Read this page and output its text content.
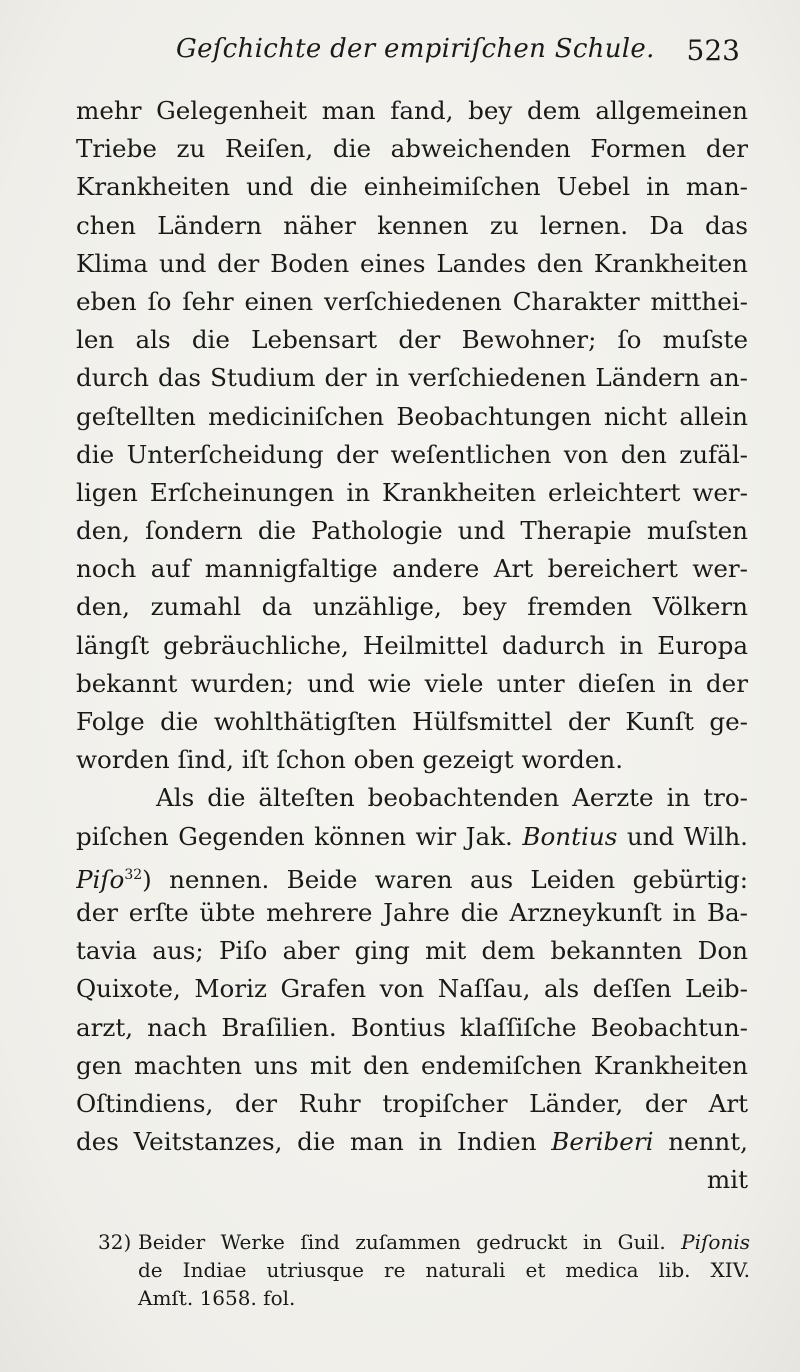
Geſchichte der empiriſchen Schule. 523
mehr Gelegenheit man fand, bey dem allgemeinen
Triebe zu Reiſen, die abweichenden Formen der
Krankheiten und die einheimiſchen Uebel in man-
chen Ländern näher kennen zu lernen. Da das
Klima und der Boden eines Landes den Krankheiten
eben ſo ſehr einen verſchiedenen Charakter mitthei-
len als die Lebensart der Bewohner; ſo muſste
durch das Studium der in verſchiedenen Ländern an-
geſtellten mediciniſchen Beobachtungen nicht allein
die Unterſcheidung der weſentlichen von den zufäl-
ligen Erſcheinungen in Krankheiten erleichtert wer-
den, ſondern die Pathologie und Therapie muſsten
noch auf mannigfaltige andere Art bereichert wer-
den, zumahl da unzählige, bey fremden Völkern
längſt gebräuchliche, Heilmittel dadurch in Europa
bekannt wurden; und wie viele unter dieſen in der
Folge die wohlthätigſten Hülfsmittel der Kunſt ge-
worden ſind, iſt ſchon oben gezeigt worden.
Als die älteſten beobachtenden Aerzte in tro-
piſchen Gegenden können wir Jak. Bontius und Wilh.
Piſo$^{32}$) nennen. Beide waren aus Leiden gebürtig:
der erſte übte mehrere Jahre die Arzneykunſt in Ba-
tavia aus; Piſo aber ging mit dem bekannten Don
Quixote, Moriz Grafen von Naſſau, als deſſen Leib-
arzt, nach Braſilien. Bontius klaſſiſche Beobachtun-
gen machten uns mit den endemiſchen Krankheiten
Oſtindiens, der Ruhr tropiſcher Länder, der Art
des Veitstanzes, die man in Indien Beriberi nennt,
mit
32) Beider Werke ſind zuſammen gedruckt in Guil. Piſonis
de Indiae utriusque re naturali et medica lib. XIV.
Amſt. 1658. fol.
